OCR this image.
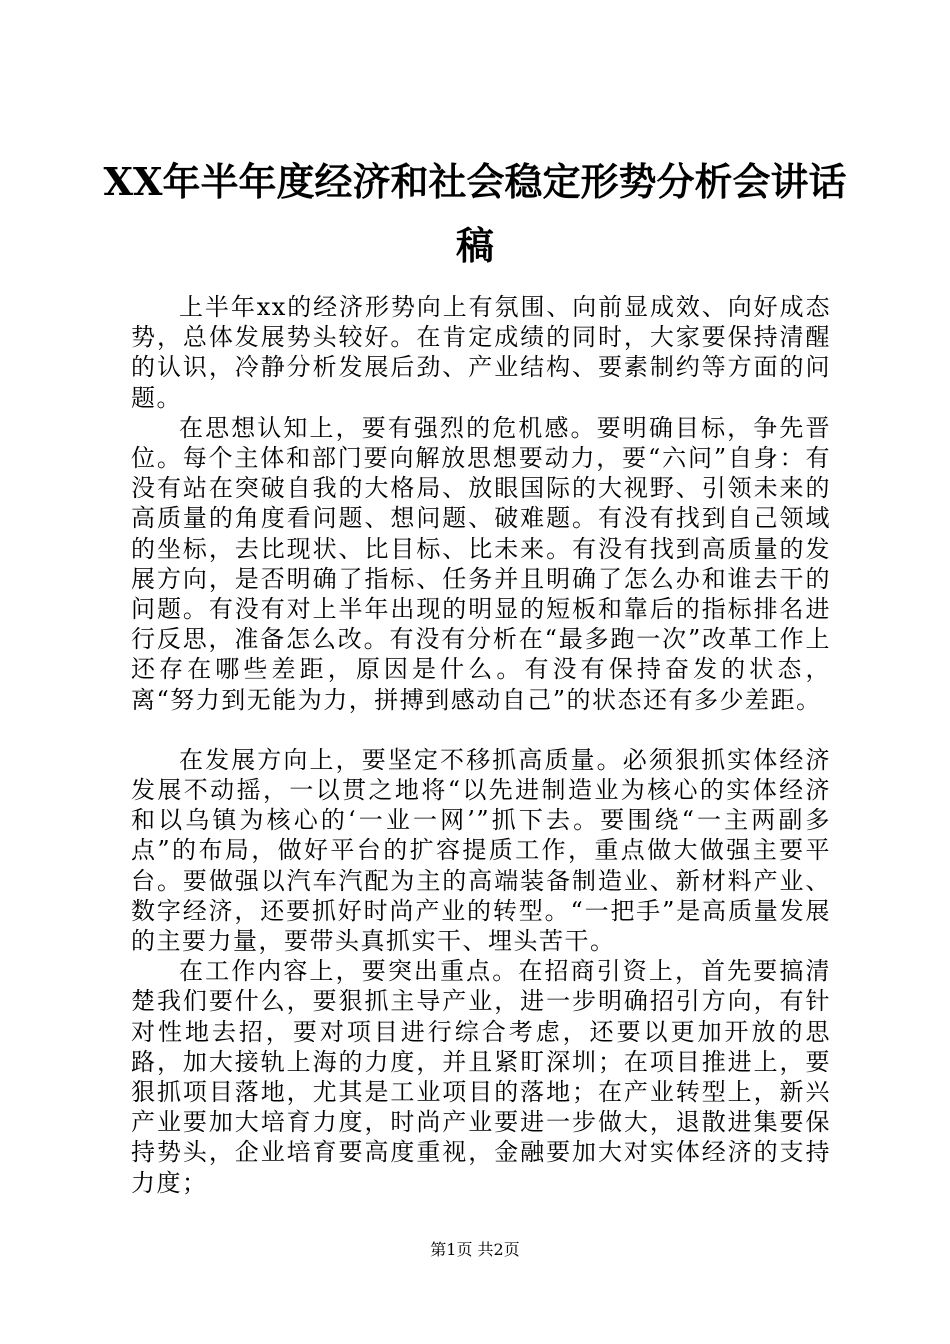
XX年半年度经济和社会稳定形势分析会讲话
稿

上半年xx的经济形势向上有氛围、向前显成效、向好成态势，总体发展势头较好。在肯定成绩的同时，大家要保持清醒的认识，冷静分析发展后劲、产业结构、要素制约等方面的问题。

在思想认知上，要有强烈的危机感。要明确目标，争先晋位。每个主体和部门要向解放思想要动力，要“六问”自身：有没有站在突破自我的大格局、放眼国际的大视野、引领未来的高质量的角度看问题、想问题、破难题。有没有找到自己领域的坐标，去比现状、比目标、比未来。有没有找到高质量的发展方向，是否明确了指标、任务并且明确了怎么办和谁去干的问题。有没有对上半年出现的明显的短板和靠后的指标排名进行反思，准备怎么改。有没有分析在“最多跑一次”改革工作上还存在哪些差距，原因是什么。有没有保持奋发的状态，离“努力到无能为力，拼搏到感动自己”的状态还有多少差距。

在发展方向上，要坚定不移抓高质量。必须狠抓实体经济发展不动摇，一以贯之地将“以先进制造业为核心的实体经济和以乌镇为核心的‘一业一网’”抓下去。要围绕“一主两副多点”的布局，做好平台的扩容提质工作，重点做大做强主要平台。要做强以汽车汽配为主的高端装备制造业、新材料产业、数字经济，还要抓好时尚产业的转型。“一把手”是高质量发展的主要力量，要带头真抓实干、埋头苦干。

在工作内容上，要突出重点。在招商引资上，首先要搞清楚我们要什么，要狠抓主导产业，进一步明确招引方向，有针对性地去招，要对项目进行综合考虑，还要以更加开放的思路，加大接轨上海的力度，并且紧盯深圳；在项目推进上，要狠抓项目落地，尤其是工业项目的落地；在产业转型上，新兴产业要加大培育力度，时尚产业要进一步做大，退散进集要保持势头，企业培育要高度重视，金融要加大对实体经济的支持力度；

第1页 共2页
